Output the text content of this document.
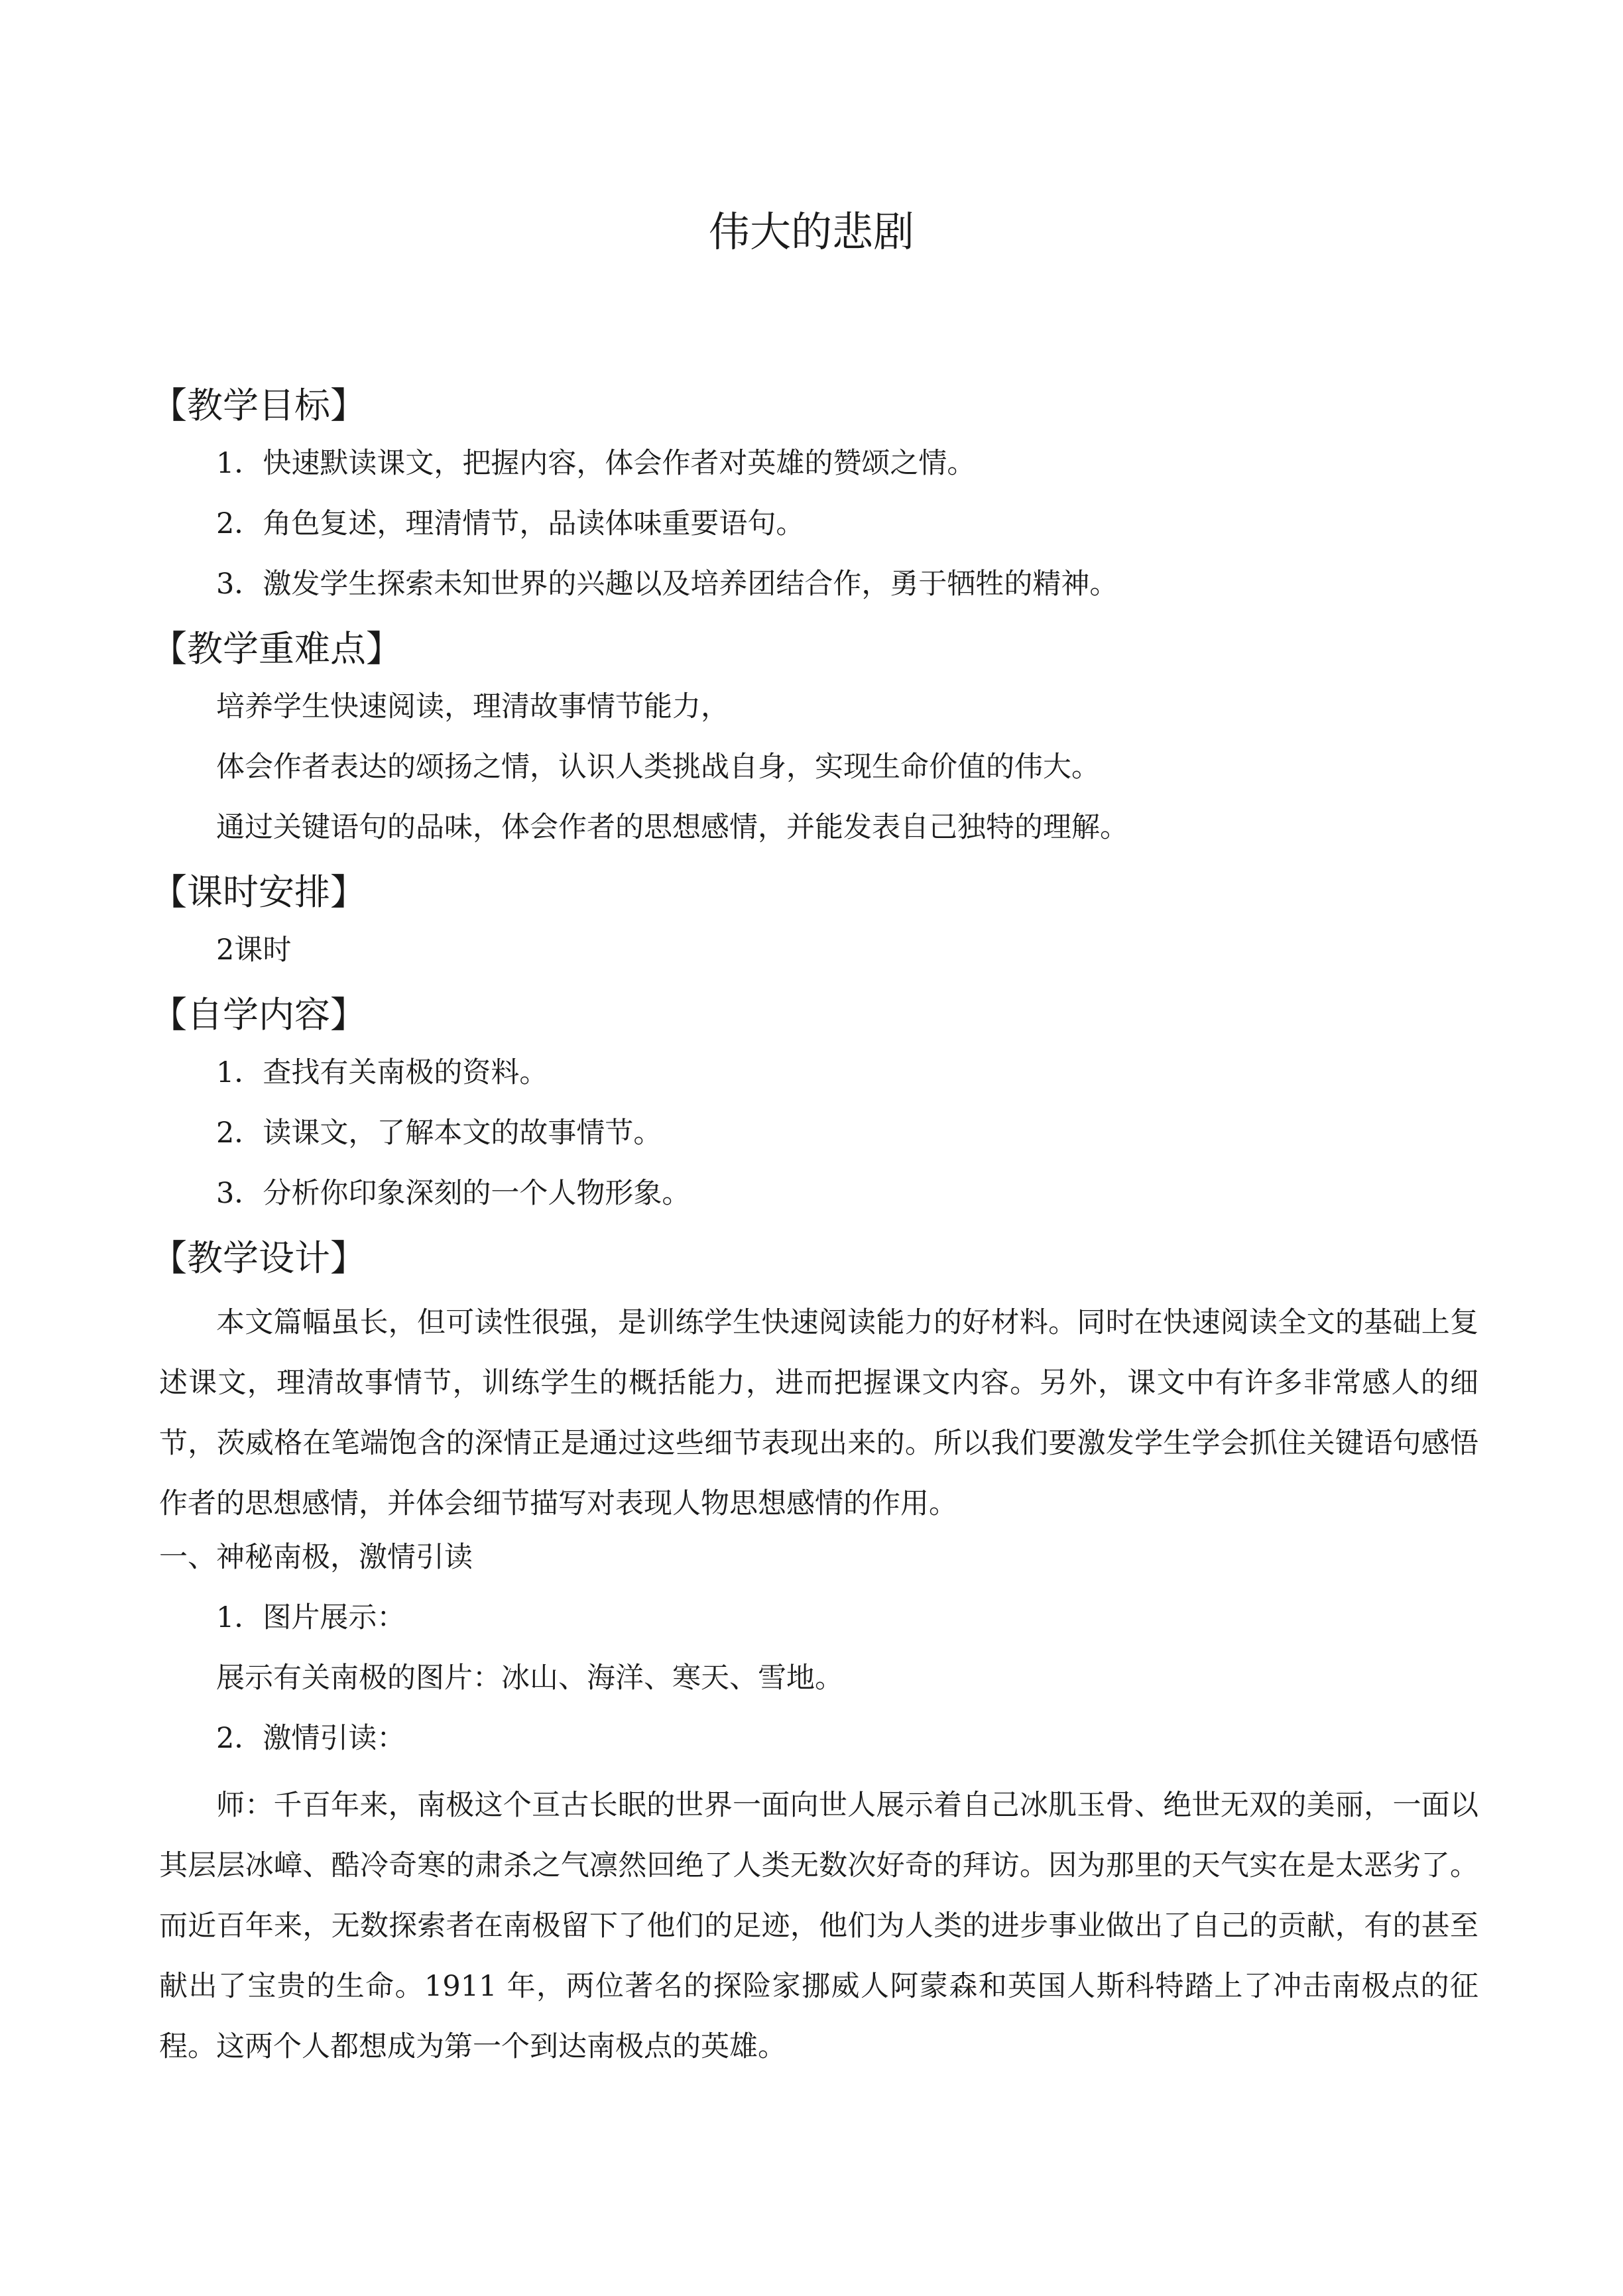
伟大的悲剧
【教学目标】

1．快速默读课文，把握内容，体会作者对英雄的赞颂之情。

2．角色复述，理清情节，品读体味重要语句。

3．激发学生探索未知世界的兴趣以及培养团结合作，勇于牺牲的精神。

【教学重难点】

培养学生快速阅读，理清故事情节能力，

体会作者表达的颂扬之情，认识人类挑战自身，实现生命价值的伟大。

通过关键语句的品味，体会作者的思想感情，并能发表自己独特的理解。

【课时安排】

2课时

【自学内容】

1．查找有关南极的资料。

2．读课文，了解本文的故事情节。

3．分析你印象深刻的一个人物形象。

【教学设计】

本文篇幅虽长，但可读性很强，是训练学生快速阅读能力的好材料。同时在快速阅读全文的基础上复述课文，理清故事情节，训练学生的概括能力，进而把握课文内容。另外，课文中有许多非常感人的细节，茨威格在笔端饱含的深情正是通过这些细节表现出来的。所以我们要激发学生学会抓住关键语句感悟作者的思想感情，并体会细节描写对表现人物思想感情的作用。

一、神秘南极，激情引读

1．图片展示：

展示有关南极的图片：冰山、海洋、寒天、雪地。

2．激情引读：

师：千百年来，南极这个亘古长眠的世界一面向世人展示着自己冰肌玉骨、绝世无双的美丽，一面以其层层冰嶂、酷冷奇寒的肃杀之气凛然回绝了人类无数次好奇的拜访。因为那里的天气实在是太恶劣了。而近百年来，无数探索者在南极留下了他们的足迹，他们为人类的进步事业做出了自己的贡献，有的甚至献出了宝贵的生命。1911 年，两位著名的探险家挪威人阿蒙森和英国人斯科特踏上了冲击南极点的征程。这两个人都想成为第一个到达南极点的英雄。
